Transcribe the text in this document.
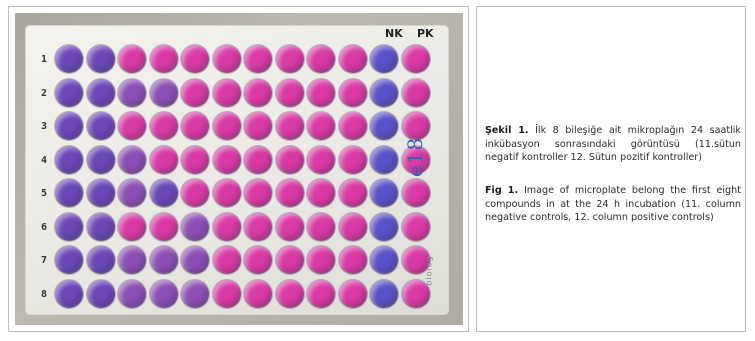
NK PK
1
2
3
4
5
6
7
8
e18
biolog
Şekil 1. İlk 8 bileşiğe ait mikroplağın 24 saatlik inkübasyon sonrasındaki görüntüsü (11.sütun negatif kontroller 12. Sütun pozitif kontroller)
Fig 1. Image of microplate belong the first eight compounds in at the 24 h incubation (11. column negative controls, 12. column positive controls)
